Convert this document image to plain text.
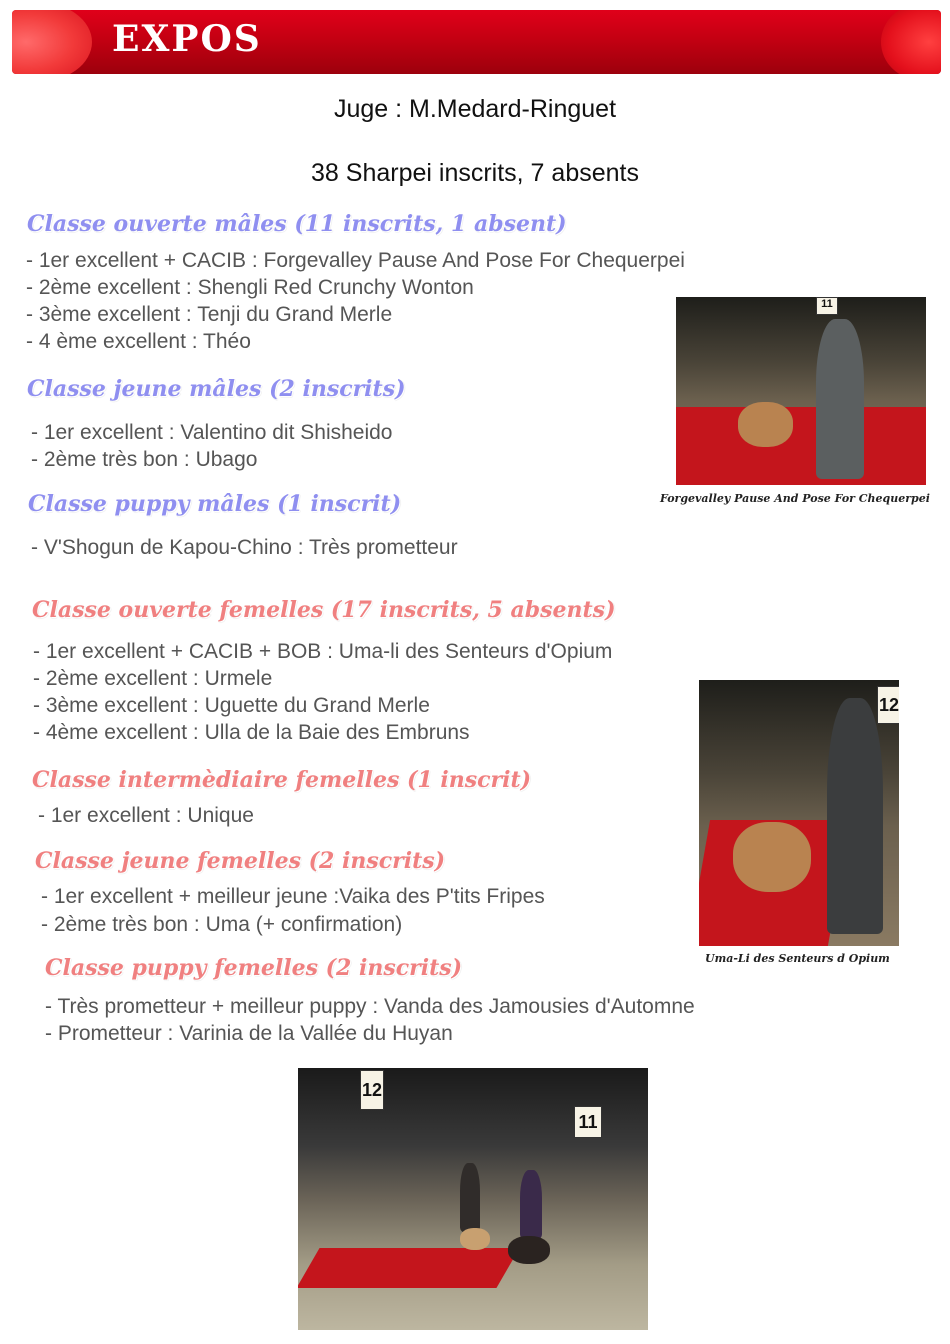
EXPOS
Juge : M.Medard-Ringuet
38 Sharpei inscrits, 7 absents
Classe ouverte mâles (11 inscrits, 1 absent)
- 1er excellent + CACIB : Forgevalley Pause And Pose For Chequerpei
- 2ème excellent : Shengli Red Crunchy Wonton
- 3ème excellent : Tenji du Grand Merle
- 4 ème excellent : Théo
Classe jeune mâles (2 inscrits)
- 1er excellent : Valentino dit Shisheido
- 2ème très bon : Ubago
Classe puppy mâles (1 inscrit)
- V'Shogun de Kapou-Chino : Très prometteur
Classe ouverte femelles (17 inscrits, 5 absents)
- 1er excellent + CACIB + BOB : Uma-li des Senteurs d'Opium
- 2ème excellent : Urmele
- 3ème excellent : Uguette du Grand Merle
- 4ème excellent : Ulla de la Baie des Embruns
Classe intermèdiaire femelles (1 inscrit)
- 1er excellent : Unique
Classe jeune femelles (2 inscrits)
- 1er excellent + meilleur jeune :Vaika des P'tits Fripes
- 2ème très bon : Uma (+ confirmation)
Classe puppy femelles (2 inscrits)
- Très prometteur + meilleur puppy : Vanda des Jamousies d'Automne
- Prometteur : Varinia de la Vallée du Huyan
11
Forgevalley Pause And Pose For Chequerpei
12
Uma-Li des Senteurs d Opium
12
11
